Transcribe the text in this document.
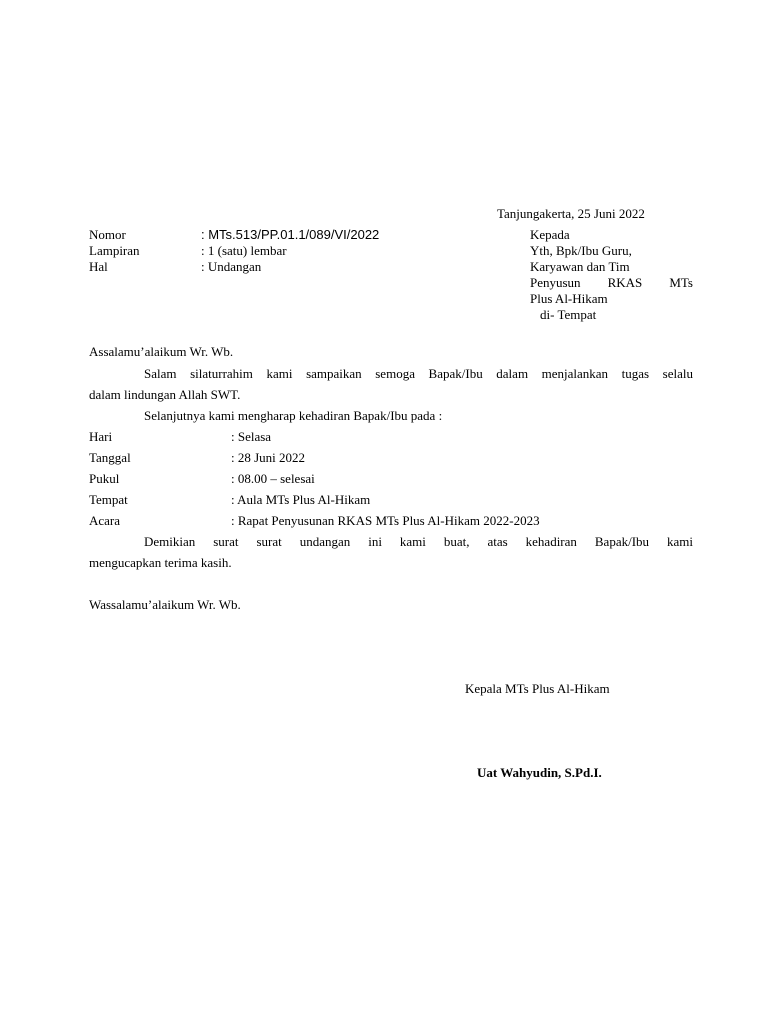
Tanjungakerta, 25 Juni 2022
Nomor	: MTs.513/PP.01.1/089/VI/2022
Lampiran	: 1 (satu) lembar
Hal	: Undangan
Kepada
Yth, Bpk/Ibu Guru,
Karyawan dan Tim
Penyusun RKAS MTs
Plus Al-Hikam
di- Tempat
Assalamu’alaikum Wr. Wb.
Salam silaturrahim kami sampaikan semoga Bapak/Ibu dalam menjalankan tugas selalu
dalam lindungan Allah SWT.
Selanjutnya kami mengharap kehadiran Bapak/Ibu pada :
Hari	: Selasa
Tanggal	: 28 Juni 2022
Pukul	: 08.00 – selesai
Tempat	: Aula MTs Plus Al-Hikam
Acara	: Rapat Penyusunan RKAS MTs Plus Al-Hikam 2022-2023
Demikian surat surat undangan ini kami buat, atas kehadiran Bapak/Ibu kami
mengucapkan terima kasih.
Wassalamu’alaikum Wr. Wb.
Kepala MTs Plus Al-Hikam
Uat Wahyudin, S.Pd.I.
